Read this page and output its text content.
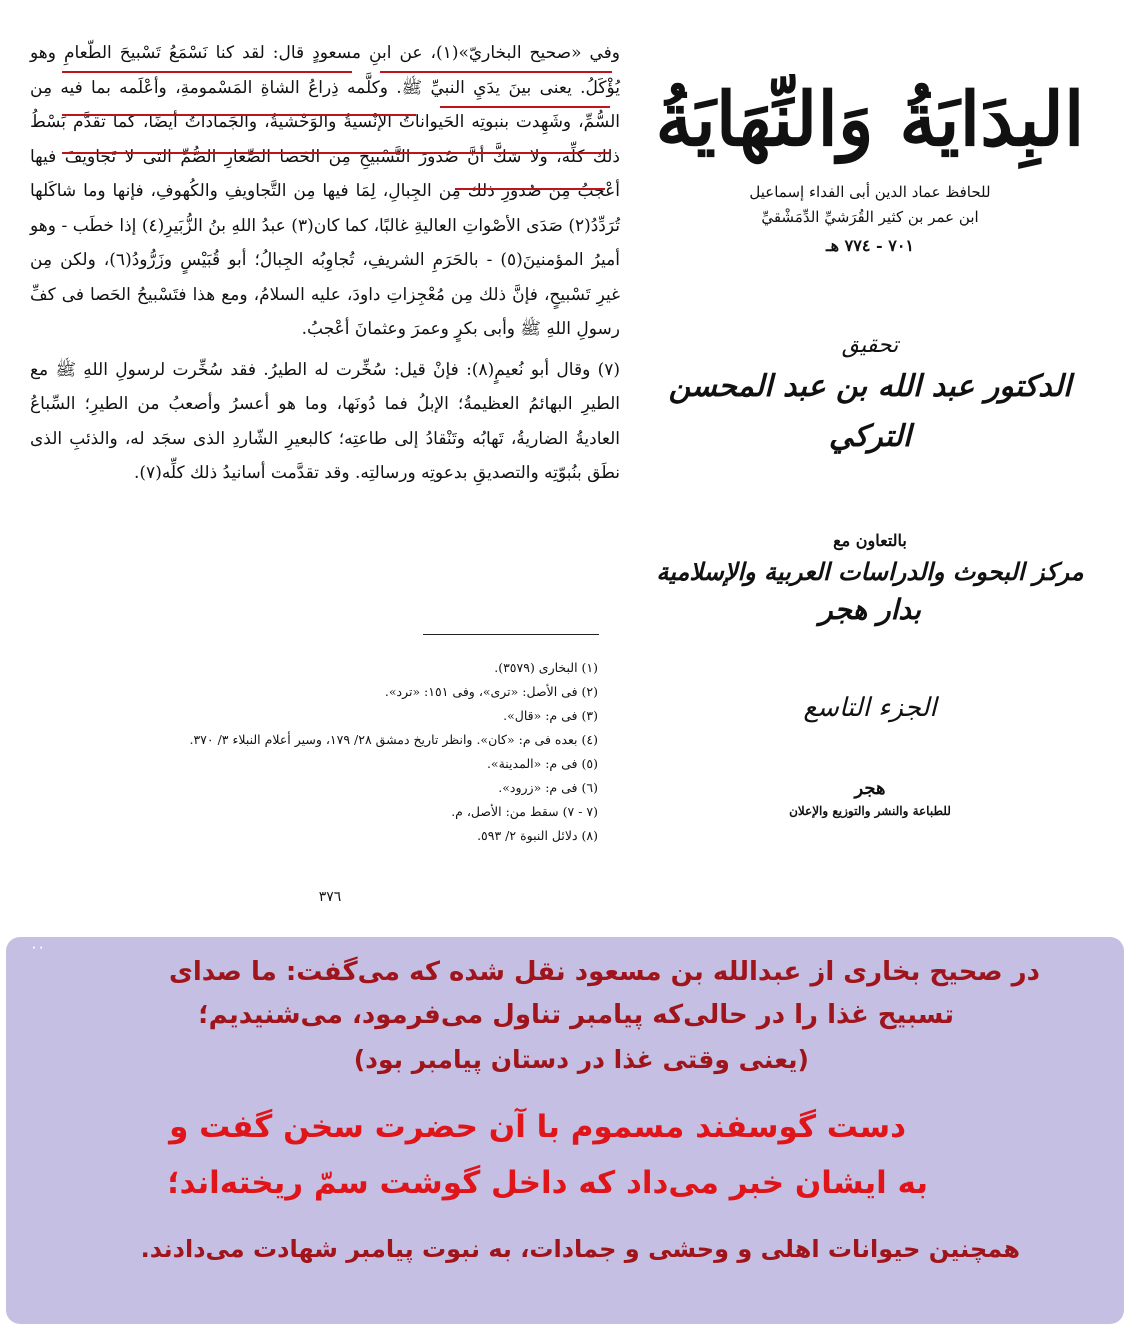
وفي «صحيح البخاريّ»(١)، عن ابنِ مسعودٍ قال: لقد كنا نَسْمَعُ تَسْبيحَ الطّعامِ وهو يُؤْكَلُ. يعنى بينَ يدَيِ النبيِّ ﷺ. وكلَّمه ذِراعُ الشاةِ المَسْمومةِ، وأعْلَمه بما فيه مِن السُّمِّ، وشَهِدت بنبوتِه الحَيواناتُ الإنْسيةُ والوَحْشيةُ، والجَماداتُ أيضًا، كما تقدَّم بَسْطُ ذلك كلِّه، ولا شكَّ أنَّ صُدورَ التَّسْبيحِ مِن الحَصا الصِّغارِ الصُّمِّ التى لا تَجاويفَ فيها أعْجبُ مِن صُدورِ ذلك مِن الجِبالِ، لِمَا فيها مِن التَّجاويفِ والكُهوفِ، فإنها وما شاكَلها تُرَدِّدُ(٢) صَدَى الأصْواتِ العاليةِ غالبًا، كما كان(٣) عبدُ اللهِ بنُ الزُّبَيرِ(٤) إذا خطَب - وهو أميرُ المؤمنينَ(٥) - بالحَرَمِ الشريفِ، تُجاوِبُه الجِبالُ؛ أبو قُبَيْسٍ وزَرُّودُ(٦)، ولكن مِن غيرِ تَسْبيحٍ، فإنَّ ذلك مِن مُعْجِزاتِ داودَ، عليه السلامُ، ومع هذا فتَسْبيحُ الحَصا فى كفِّ رسولِ اللهِ ﷺ وأبى بكرٍ وعمرَ وعثمانَ أعْجبُ.

(٧) وقال أبو نُعيمٍ(٨): فإنْ قيل: سُخِّرت له الطيرُ. فقد سُخِّرت لرسولِ اللهِ ﷺ مع الطيرِ البهائمُ العظيمةُ؛ الإبلُ فما دُونَها، وما هو أعسرُ وأصعبُ من الطيرِ؛ السِّباعُ العاديةُ الضاريةُ، تَهابُه وتَنْقادُ إلى طاعتِه؛ كالبعيرِ الشّاردِ الذى سجَد له، والذئبِ الذى نطَق بنُبوّتِه والتصديقِ بدعوتِه ورسالتِه. وقد تقدَّمت أسانيدُ ذلك كلِّه(٧).

(١) البخارى (٣٥٧٩).
(٢) فى الأصل: «ترى»، وفى ١٥١: «ترد».
(٣) فى م: «قال».
(٤) بعده فى م: «كان». وانظر تاريخ دمشق ٢٨/ ١٧٩، وسير أعلام النبلاء ٣/ ٣٧٠.
(٥) فى م: «المدينة».
(٦) فى م: «زرود».
(٧ - ٧) سقط من: الأصل، م.
(٨) دلائل النبوة ٢/ ٥٩٣.
٣٧٦
البِدَايَةُ وَالنِّهَايَةُ
للحافظ عماد الدين أبى الفداء إسماعيل
ابن عمر بن كثير القُرَشيِّ الدِّمَشْقيِّ
٧٠١ - ٧٧٤ هـ
تحقيق
الدكتور عبد الله بن عبد المحسن التركي
بالتعاون مع
مركز البحوث والدراسات العربية والإسلامية
بدار هجر
الجزء التاسع
هجر
للطباعة والنشر والتوزيع والإعلان
· ·
در صحیح بخاری از عبدالله بن مسعود نقل شده که می‌گفت: ما صدای
تسبیح غذا را در حالی‌که پیامبر تناول می‌فرمود، می‌شنیدیم؛
(یعنی وقتی غذا در دستان پیامبر بود)
دست گوسفند مسموم با آن حضرت سخن گفت و
به ایشان خبر می‌داد که داخل گوشت سمّ ریخته‌اند؛
همچنین حیوانات اهلی و وحشی و جمادات، به نبوت پیامبر شهادت می‌دادند.
